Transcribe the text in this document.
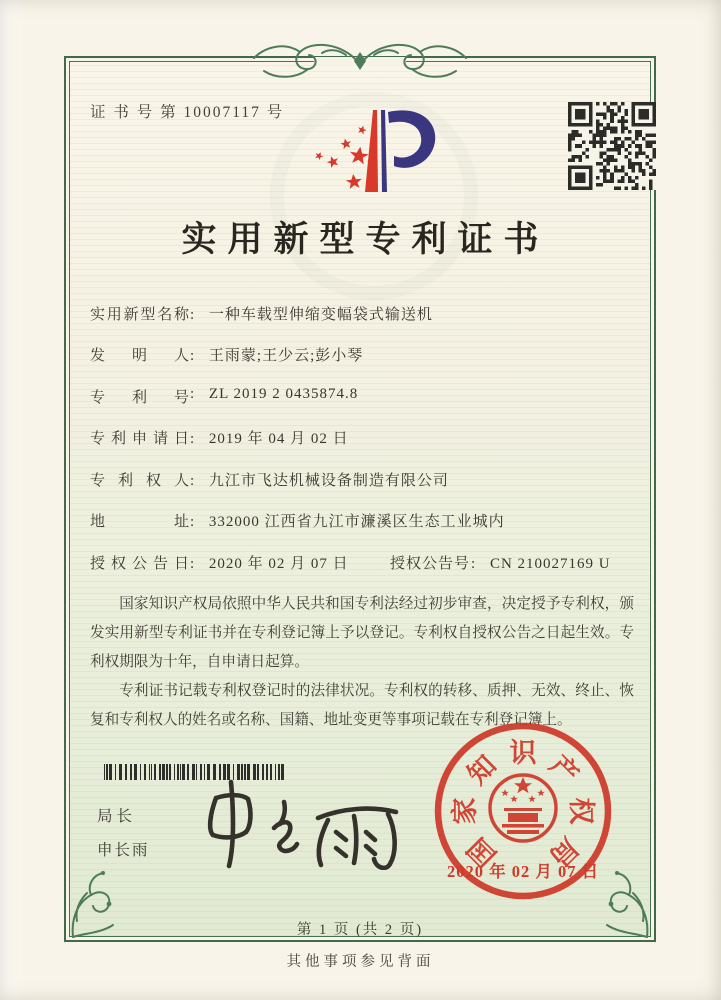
证 书 号 第 10007117 号
实用新型专利证书
实用新型名称: 一种车载型伸缩变幅袋式输送机
发明人: 王雨蒙;王少云;彭小琴
专利号: ZL 2019 2 0435874.8
专利申请日: 2019 年 04 月 02 日
专利权人: 九江市飞达机械设备制造有限公司
地址: 332000 江西省九江市濂溪区生态工业城内
授权公告日: 2020 年 02 月 07 日	授权公告号: CN 210027169 U

国家知识产权局依照中华人民共和国专利法经过初步审查，决定授予专利权，颁发实用新型专利证书并在专利登记簿上予以登记。专利权自授权公告之日起生效。专利权期限为十年，自申请日起算。

专利证书记载专利权登记时的法律状况。专利权的转移、质押、无效、终止、恢复和专利权人的姓名或名称、国籍、地址变更等事项记载在专利登记簿上。

局长
申长雨	国
家
知 识 产
权
局
2020 年 02 月 07 日
第 1 页 (共 2 页)
其他事项参见背面
